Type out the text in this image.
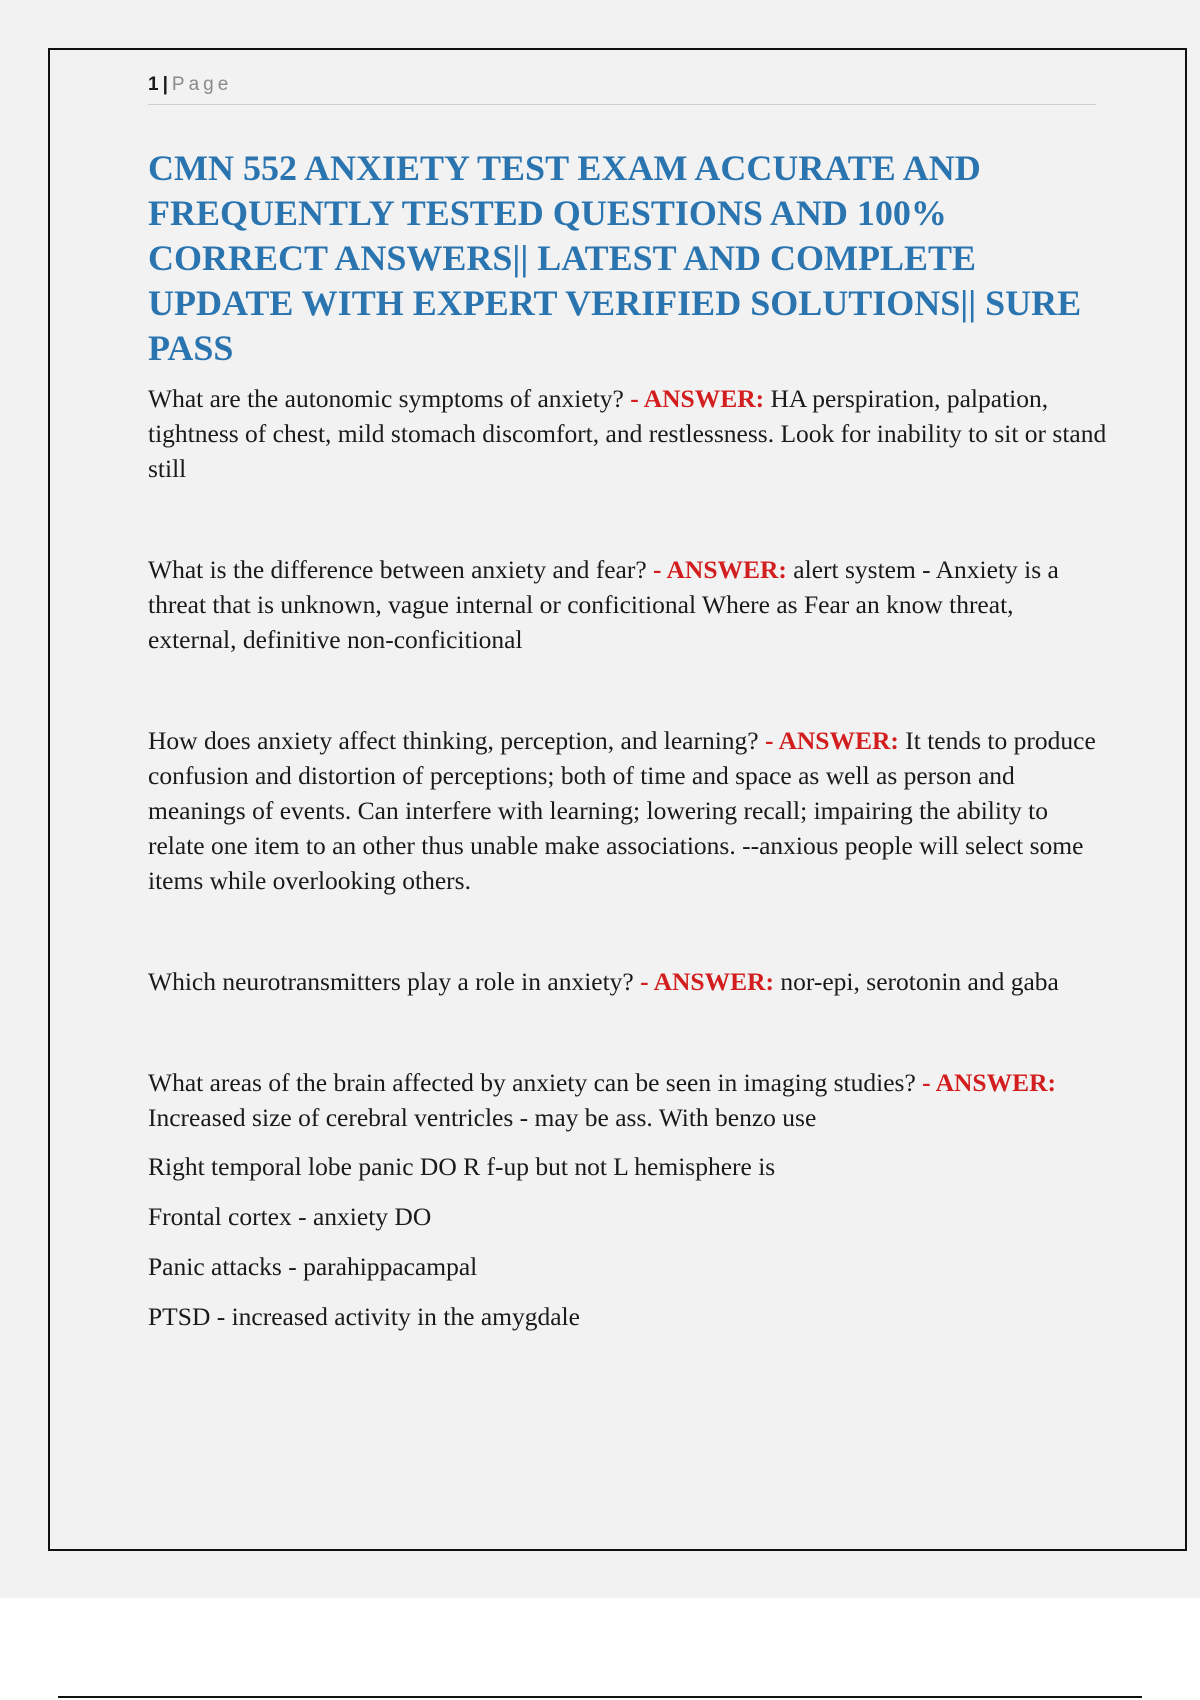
1 | Page
CMN 552 ANXIETY TEST EXAM ACCURATE AND FREQUENTLY TESTED QUESTIONS AND 100% CORRECT ANSWERS|| LATEST AND COMPLETE UPDATE WITH EXPERT VERIFIED SOLUTIONS|| SURE PASS

What are the autonomic symptoms of anxiety? - ANSWER: HA perspiration, palpation, tightness of chest, mild stomach discomfort, and restlessness. Look for inability to sit or stand still

What is the difference between anxiety and fear? - ANSWER: alert system - Anxiety is a threat that is unknown, vague internal or conficitional Where as Fear an know threat, external, definitive non-conficitional

How does anxiety affect thinking, perception, and learning? - ANSWER: It tends to produce confusion and distortion of perceptions; both of time and space as well as person and meanings of events. Can interfere with learning; lowering recall; impairing the ability to relate one item to an other thus unable make associations. --anxious people will select some items while overlooking others.

Which neurotransmitters play a role in anxiety? - ANSWER: nor-epi, serotonin and gaba

What areas of the brain affected by anxiety can be seen in imaging studies? - ANSWER: Increased size of cerebral ventricles - may be ass. With benzo use

Right temporal lobe panic DO R f-up but not L hemisphere is

Frontal cortex - anxiety DO

Panic attacks - parahippacampal

PTSD - increased activity in the amygdale
